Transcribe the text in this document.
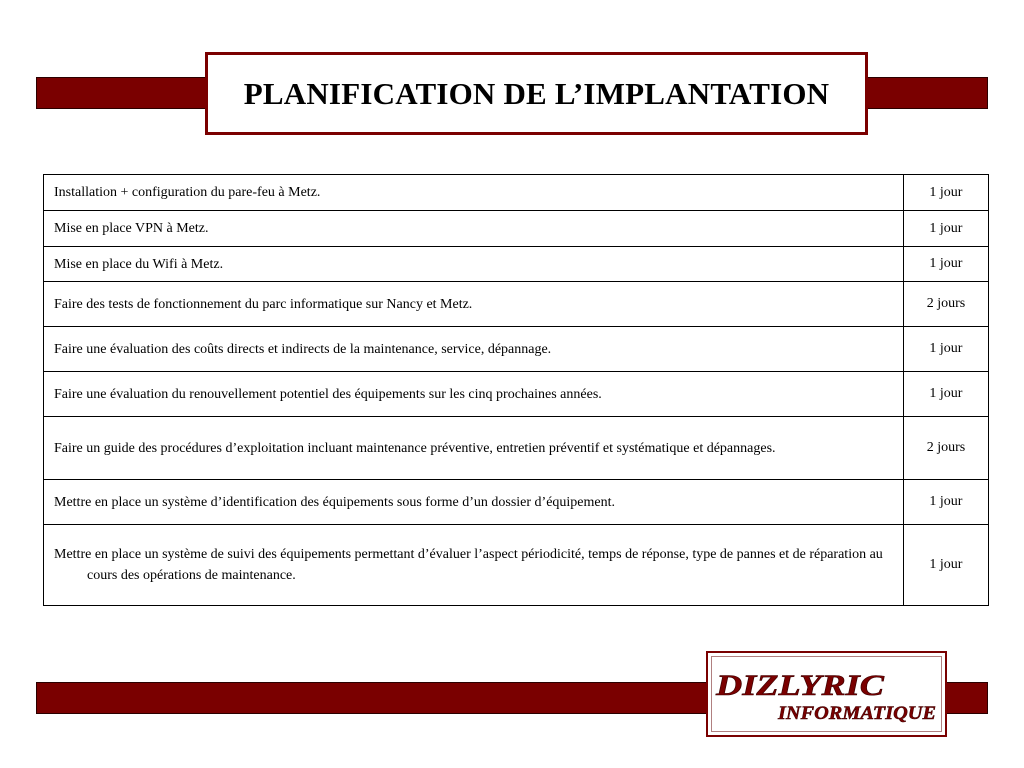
PLANIFICATION DE L’IMPLANTATION
Installation + configuration du pare-feu à Metz.	1 jour
Mise en place VPN à Metz.	1 jour
Mise en place du Wifi à Metz.	1 jour
Faire des tests de fonctionnement du parc informatique sur Nancy et Metz.	2 jours
Faire une évaluation des coûts directs et indirects de la maintenance, service, dépannage.	1 jour
Faire une évaluation du renouvellement potentiel des équipements sur les cinq prochaines années.	1 jour
Faire un guide des procédures d’exploitation incluant maintenance préventive, entretien préventif et systématique et dépannages.	2 jours
Mettre en place un système d’identification des équipements sous forme d’un dossier d’équipement.	1 jour
Mettre en place un système de suivi des équipements permettant d’évaluer l’aspect périodicité, temps de réponse, type de pannes et de réparation au cours des opérations de maintenance.	1 jour
DIZLYRIC
INFORMATIQUE
